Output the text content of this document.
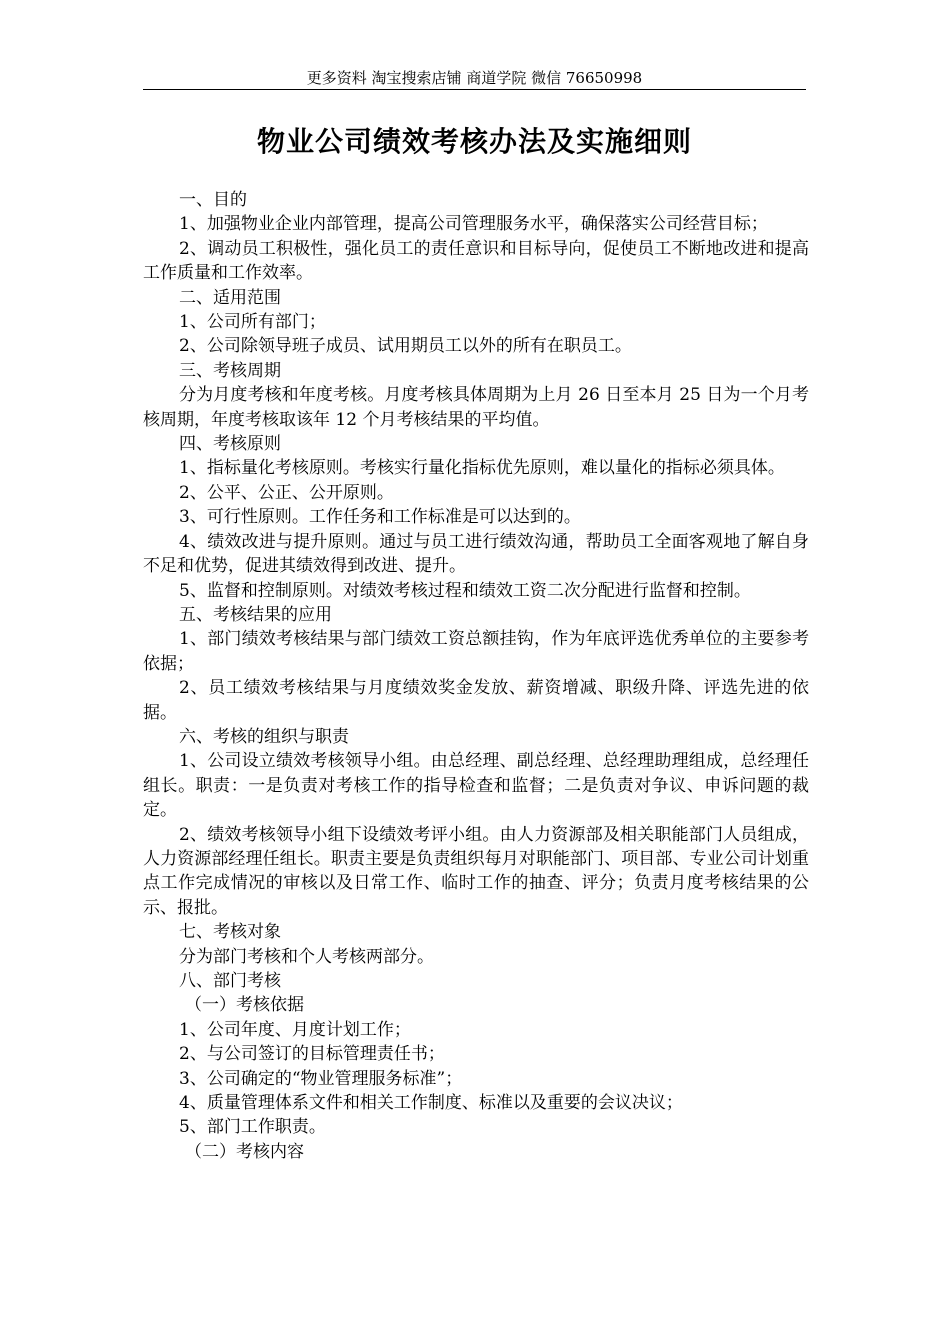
更多资料 淘宝搜索店铺 商道学院 微信 76650998
物业公司绩效考核办法及实施细则

一、目的

1、加强物业企业内部管理，提高公司管理服务水平，确保落实公司经营目标；

2、调动员工积极性，强化员工的责任意识和目标导向，促使员工不断地改进和提高工作质量和工作效率。

二、适用范围

1、公司所有部门；

2、公司除领导班子成员、试用期员工以外的所有在职员工。

三、考核周期

分为月度考核和年度考核。月度考核具体周期为上月 26 日至本月 25 日为一个月考核周期，年度考核取该年 12 个月考核结果的平均值。

四、考核原则

1、指标量化考核原则。考核实行量化指标优先原则，难以量化的指标必须具体。

2、公平、公正、公开原则。

3、可行性原则。工作任务和工作标准是可以达到的。

4、绩效改进与提升原则。通过与员工进行绩效沟通，帮助员工全面客观地了解自身不足和优势，促进其绩效得到改进、提升。

5、监督和控制原则。对绩效考核过程和绩效工资二次分配进行监督和控制。

五、考核结果的应用

1、部门绩效考核结果与部门绩效工资总额挂钩，作为年底评选优秀单位的主要参考依据；

2、员工绩效考核结果与月度绩效奖金发放、薪资增减、职级升降、评选先进的依据。

六、考核的组织与职责

1、公司设立绩效考核领导小组。由总经理、副总经理、总经理助理组成，总经理任组长。职责：一是负责对考核工作的指导检查和监督；二是负责对争议、申诉问题的裁定。

2、绩效考核领导小组下设绩效考评小组。由人力资源部及相关职能部门人员组成，人力资源部经理任组长。职责主要是负责组织每月对职能部门、项目部、专业公司计划重点工作完成情况的审核以及日常工作、临时工作的抽查、评分；负责月度考核结果的公示、报批。

七、考核对象

分为部门考核和个人考核两部分。

八、部门考核

（一）考核依据

1、公司年度、月度计划工作；

2、与公司签订的目标管理责任书；

3、公司确定的“物业管理服务标准”；

4、质量管理体系文件和相关工作制度、标准以及重要的会议决议；

5、部门工作职责。

（二）考核内容
